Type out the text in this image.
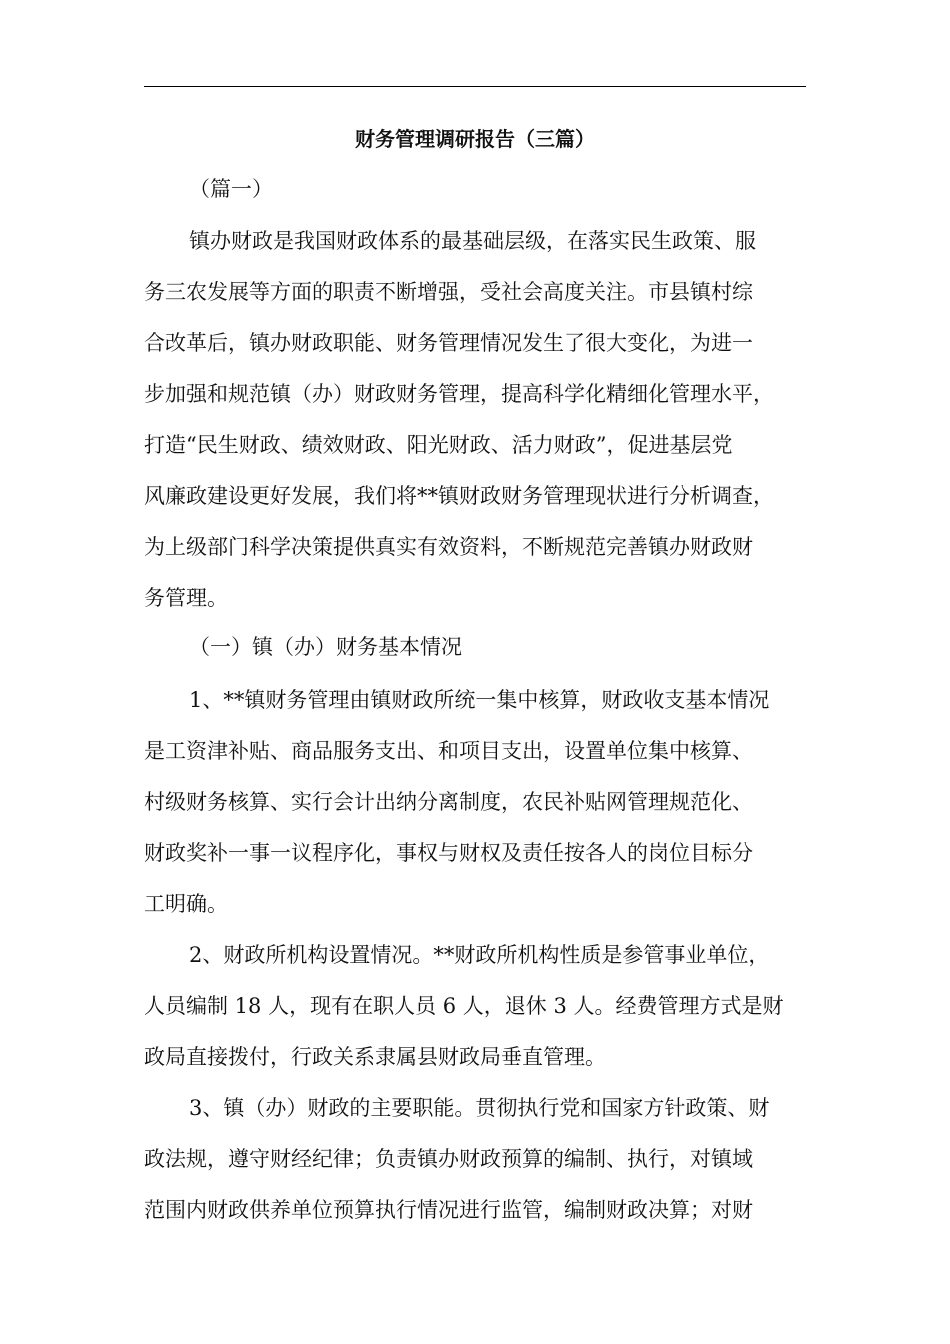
财务管理调研报告（三篇）
（篇一）
镇办财政是我国财政体系的最基础层级，在落实民生政策、服
务三农发展等方面的职责不断增强，受社会高度关注。市县镇村综
合改革后，镇办财政职能、财务管理情况发生了很大变化，为进一
步加强和规范镇（办）财政财务管理，提高科学化精细化管理水平，
打造“民生财政、绩效财政、阳光财政、活力财政”，促进基层党
风廉政建设更好发展，我们将**镇财政财务管理现状进行分析调查，
为上级部门科学决策提供真实有效资料，不断规范完善镇办财政财
务管理。
（一）镇（办）财务基本情况
1、**镇财务管理由镇财政所统一集中核算，财政收支基本情况
是工资津补贴、商品服务支出、和项目支出，设置单位集中核算、
村级财务核算、实行会计出纳分离制度，农民补贴网管理规范化、
财政奖补一事一议程序化，事权与财权及责任按各人的岗位目标分
工明确。
2、财政所机构设置情况。**财政所机构性质是参管事业单位，
人员编制 18 人，现有在职人员 6 人，退休 3 人。经费管理方式是财
政局直接拨付，行政关系隶属县财政局垂直管理。
3、镇（办）财政的主要职能。贯彻执行党和国家方针政策、财
政法规，遵守财经纪律；负责镇办财政预算的编制、执行，对镇域
范围内财政供养单位预算执行情况进行监管，编制财政决算；对财
